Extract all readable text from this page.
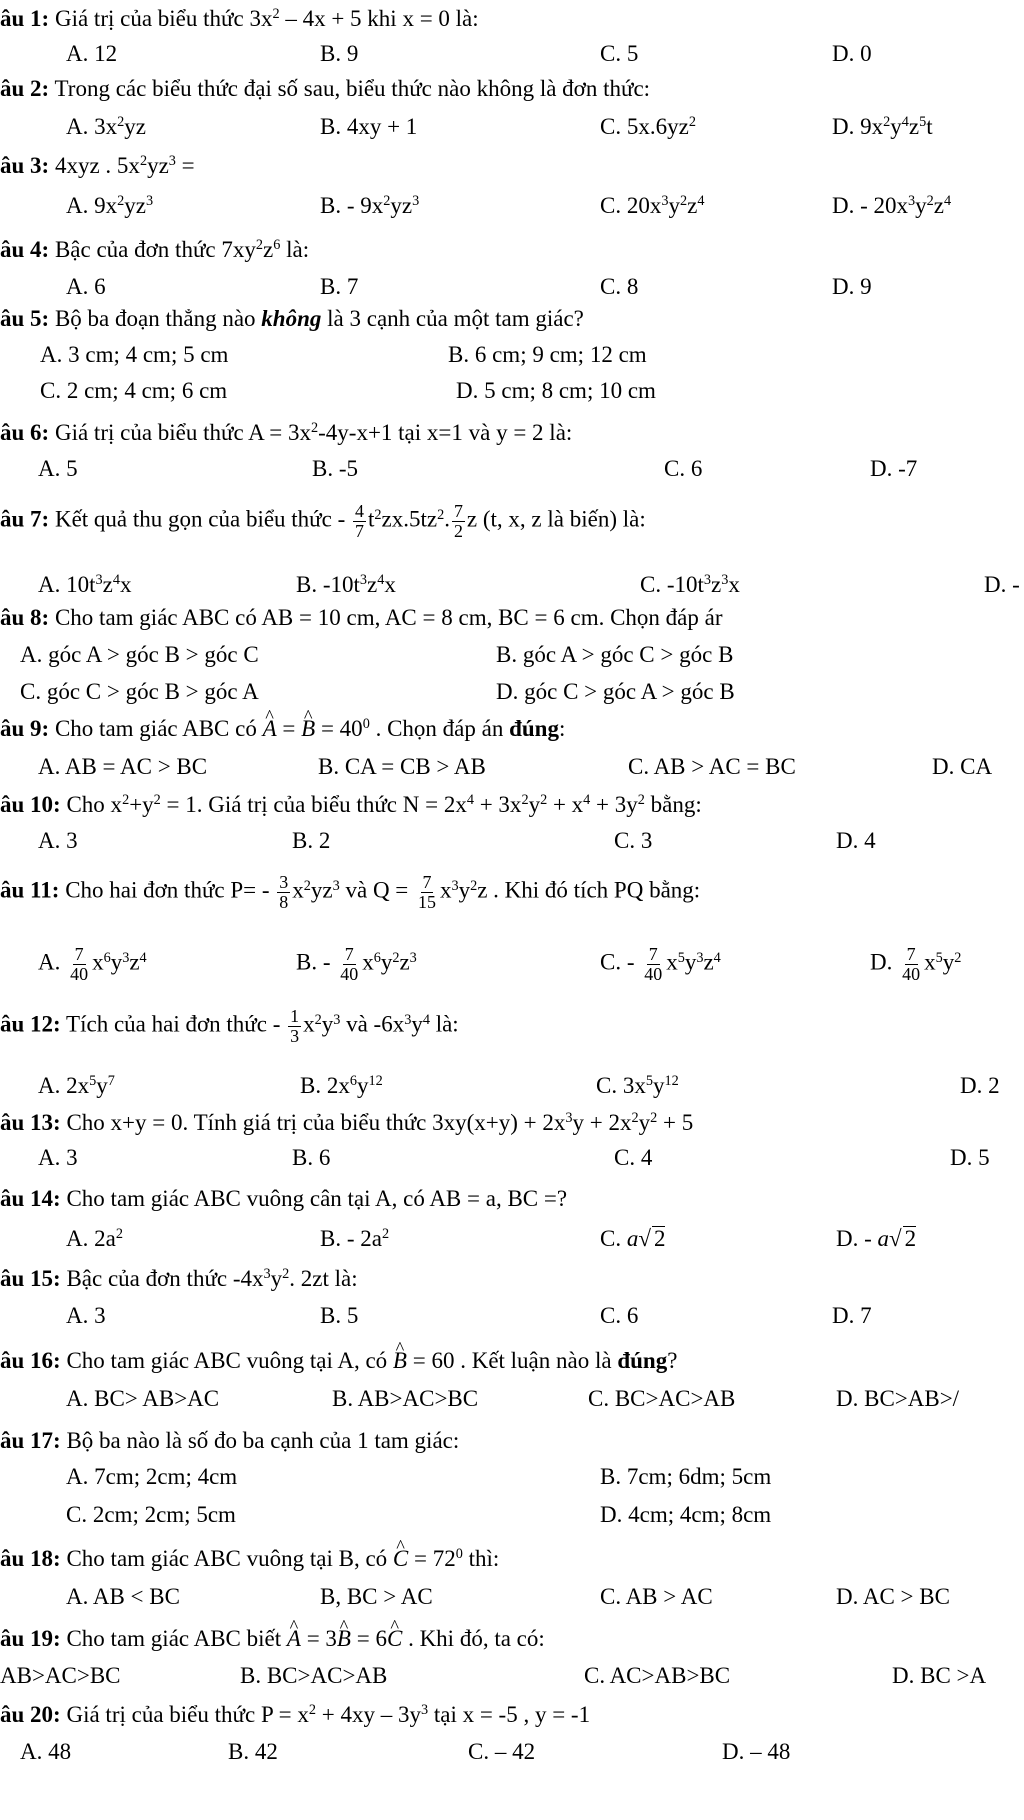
âu 1: Giá trị của biểu thức $3x^2 - 4x + 5$ khi x = 0 là:
A. 12	B. 9	C. 5	D. 0
âu 2: Trong các biểu thức đại số sau, biểu thức nào không là đơn thức:
A. $3x^2yz$	B. 4xy + 1	C. $5x.6yz^2$	D. $9x^2y^4z^5t$
âu 3: 4xyz . $5x^2yz^3$ =
A. $9x^2yz^3$	B. - $9x^2yz^3$	C. $20x^3y^2z^4$	D. - $20x^3y^2z^4$
âu 4: Bậc của đơn thức $7xy^2z^6$ là:
A. 6	B. 7	C. 8	D. 9
âu 5: Bộ ba đoạn thẳng nào không là 3 cạnh của một tam giác?
A. 3 cm; 4 cm; 5 cm	B. 6 cm; 9 cm; 12 cm
C. 2 cm; 4 cm; 6 cm	D. 5 cm; 8 cm; 10 cm
âu 6: Giá trị của biểu thức $A = 3x^2-4y-x+1$ tại x=1 và y = 2 là:
A. 5	B. -5	C. 6	D. -7
âu 7: Kết quả thu gọn của biểu thức - $\frac{4}{7} t^2zx.5tz^2$. $\frac{7}{2}$ z (t, x, z là biến) là:
A. $10t^3z^4x$	B. $-10t^3z^4x$	C. $-10t^3z^3x$	D. -
âu 8: Cho tam giác ABC có AB = 10 cm, AC = 8 cm, BC = 6 cm. Chọn đáp ár
A. góc A > góc B > góc C	B. góc A > góc C > góc B
C. góc C > góc B > góc A	D. góc C > góc A > góc B
âu 9: Cho tam giác ABC có ^ A = ^ $B = 40^0$ . Chọn đáp án đúng:
A. AB = AC > BC	B. CA = CB > AB	C. AB > AC = BC	D. CA
âu 10: Cho $x^2+y^2 = 1$. Giá trị của biểu thức $N = 2x^4 + 3x^2y^2 + x^4 + 3y^2$ bằng:
A. 3	B. 2	C. 3	D. 4
âu 11: Cho hai đơn thức $P= - \frac{3}{8} x^2yz^3$ và $Q = \frac{7}{15} x^3y^2z$ . Khi đó tích PQ bằng:
A. $\frac{7}{40} x^6y^3z^4$	B. - $\frac{7}{40} x^6y^2z^3$	C. - $\frac{7}{40} x^5y^3z^4$	D. $\frac{7}{40} x^5y^2$
âu 12: Tích của hai đơn thức - $\frac{1}{3} x^2y^3$ và $-6x^3y^4$ là:
A. $2x^5y^7$	B. $2x^6y^{12}$	C. $3x^5y^{12}$	D. 2
âu 13: Cho x+y = 0. Tính giá trị của biểu thức $3xy(x+y) + 2x^3y + 2x^2y^2 + 5$
A. 3	B. 6	C. 4	D. 5
âu 14: Cho tam giác ABC vuông cân tại A, có AB = a, BC =?
A. $2a^2$	B. - $2a^2$	C. a√ 2	D. - a√ 2
âu 15: Bậc của đơn thức $-4x^3y^2$. 2zt là:
A. 3	B. 5	C. 6	D. 7
âu 16: Cho tam giác ABC vuông tại A, có ^ B = 60 . Kết luận nào là đúng?
A. BC> AB>AC	B. AB>AC>BC	C. BC>AC>AB	D. BC>AB>/
âu 17: Bộ ba nào là số đo ba cạnh của 1 tam giác:
A. 7cm; 2cm; 4cm	B. 7cm; 6dm; 5cm
C. 2cm; 2cm; 5cm	D. 4cm; 4cm; 8cm
âu 18: Cho tam giác ABC vuông tại B, có ^ $C = 72^0$ thì:
A. AB < BC	B, BC > AC	C. AB > AC	D. AC > BC
âu 19: Cho tam giác ABC biết ^ A = 3^ B = 6^ C . Khi đó, ta có:
AB>AC>BC	B. BC>AC>AB	C. AC>AB>BC	D. BC >A
âu 20: Giá trị của biểu thức $P = x^2 + 4xy - 3y^3$ tại x = -5 , y = -1
A. 48	B. 42	C. – 42	D. – 48
